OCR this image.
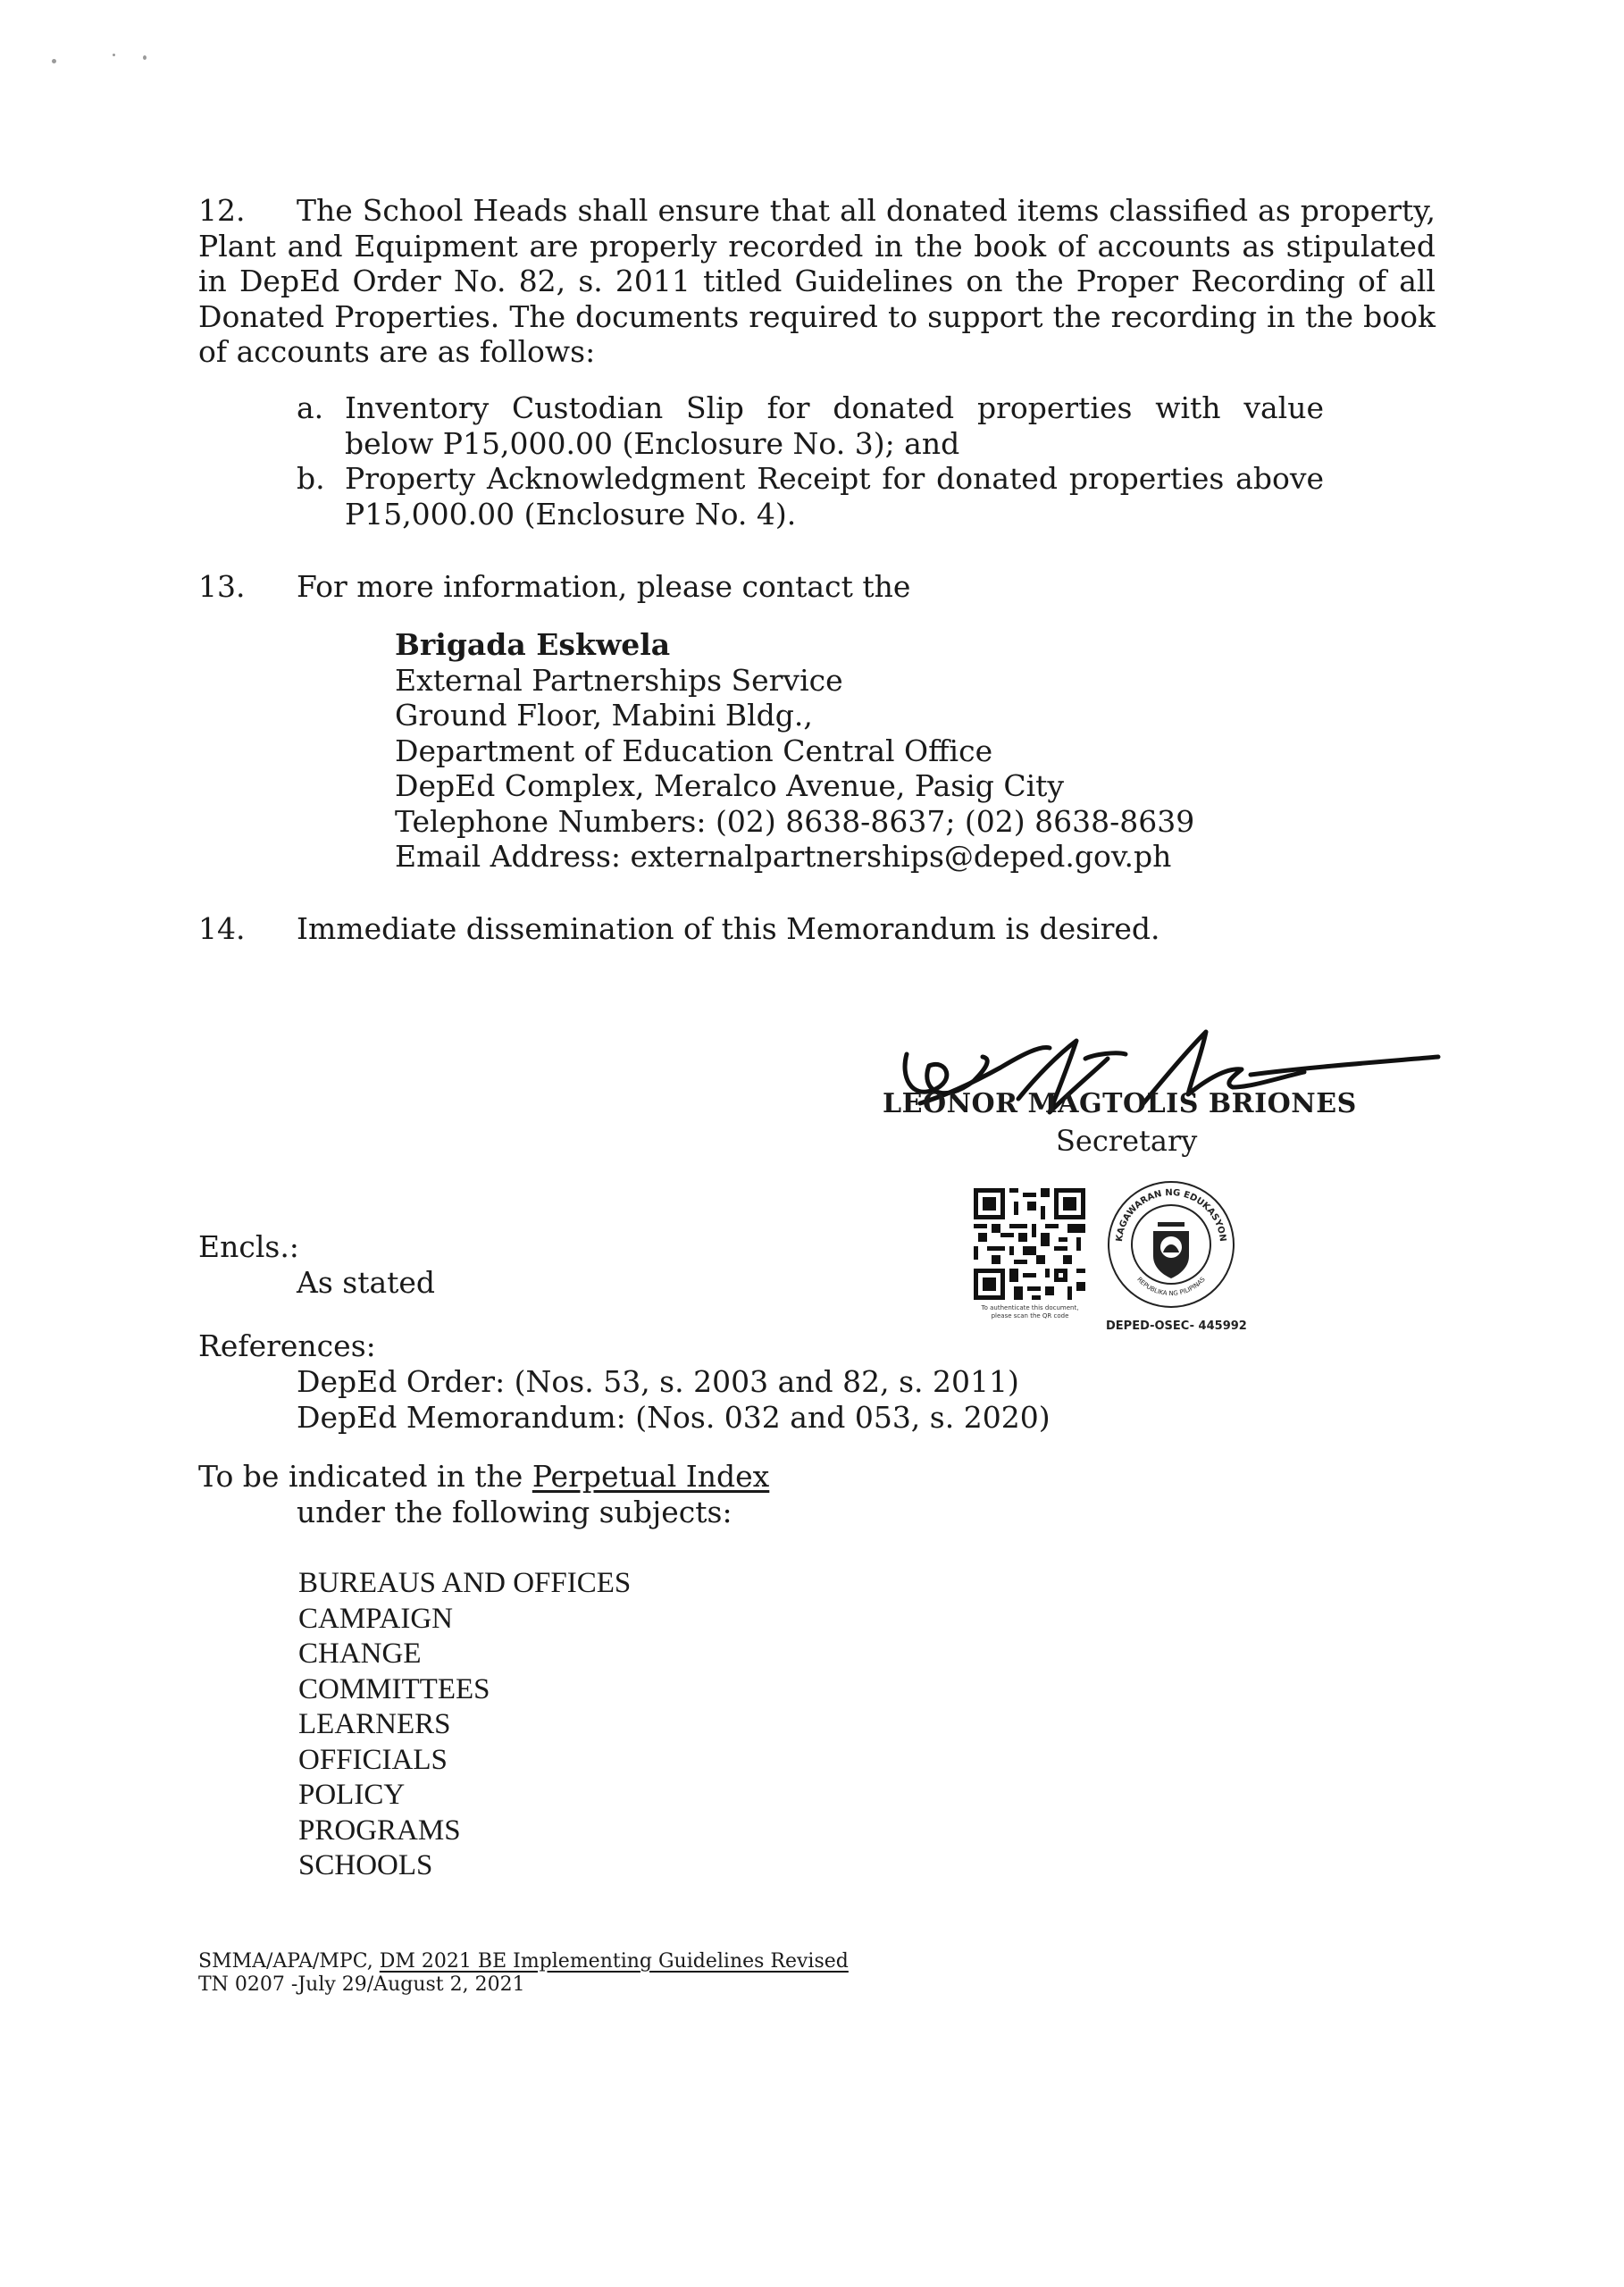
12. The School Heads shall ensure that all donated items classified as property, Plant and Equipment are properly recorded in the book of accounts as stipulated in DepEd Order No. 82, s. 2011 titled Guidelines on the Proper Recording of all Donated Properties. The documents required to support the recording in the book of accounts are as follows:
a. Inventory Custodian Slip for donated properties with value below P15,000.00 (Enclosure No. 3); and
b. Property Acknowledgment Receipt for donated properties above P15,000.00 (Enclosure No. 4).
13. For more information, please contact the
Brigada Eskwela
External Partnerships Service
Ground Floor, Mabini Bldg.,
Department of Education Central Office
DepEd Complex, Meralco Avenue, Pasig City
Telephone Numbers: (02) 8638-8637; (02) 8638-8639
Email Address: externalpartnerships@deped.gov.ph
14. Immediate dissemination of this Memorandum is desired.
LEONOR MAGTOLIS BRIONES
Secretary
To authenticate this document,
please scan the QR code
KAGAWARAN NG EDUKASYON
REPUBLIKA NG PILIPINAS
DEPED-OSEC- 445992
Encls.:
As stated
References:
DepEd Order: (Nos. 53, s. 2003 and 82, s. 2011)
DepEd Memorandum: (Nos. 032 and 053, s. 2020)
To be indicated in the Perpetual Index
under the following subjects:
BUREAUS AND OFFICES
CAMPAIGN
CHANGE
COMMITTEES
LEARNERS
OFFICIALS
POLICY
PROGRAMS
SCHOOLS
SMMA/APA/MPC, DM 2021 BE Implementing Guidelines Revised
TN 0207 -July 29/August 2, 2021
